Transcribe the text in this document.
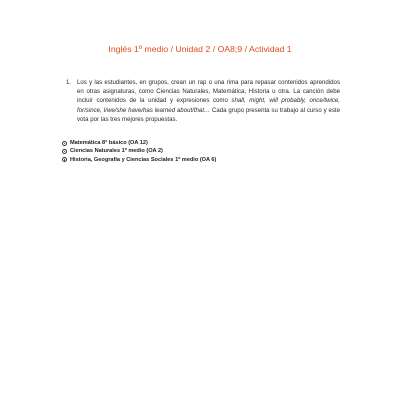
Inglés 1º medio / Unidad 2 / OA8;9 / Actividad 1
1. Los y las estudiantes, en grupos, crean un rap o una rima para repasar contenidos aprendidos en otras asignaturas, como Ciencias Naturales, Matemática, Historia u otra. La canción debe incluir contenidos de la unidad y expresiones como shall, might, will probably, once/twice, for/since, I/we/she have/has learned about/that… Cada grupo presenta su trabajo al curso y este vota por las tres mejores propuestas.
Matemática 8° básico (OA 12)
Ciencias Naturales 1º medio (OA 2)
Historia, Geografía y Ciencias Sociales 1º medio (OA 6)
